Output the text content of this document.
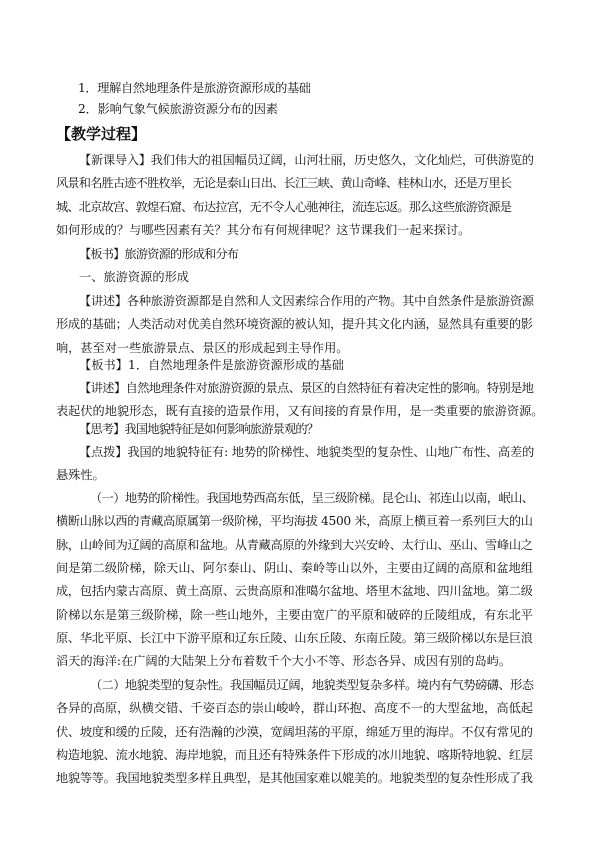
1．理解自然地理条件是旅游资源形成的基础
2．影响气象气候旅游资源分布的因素
【教学过程】
【新课导入】我们伟大的祖国幅员辽阔，山河壮丽，历史悠久，文化灿烂，可供游览的
风景和名胜古迹不胜枚举，无论是泰山日出、长江三峡、黄山奇峰、桂林山水，还是万里长
城、北京故宫、敦煌石窟、布达拉宫，无不令人心驰神往，流连忘返。那么这些旅游资源是
如何形成的？与哪些因素有关？其分布有何规律呢？这节课我们一起来探讨。
【板书】旅游资源的形成和分布
一、旅游资源的形成
【讲述】各种旅游资源都是自然和人文因素综合作用的产物。其中自然条件是旅游资源
形成的基础；人类活动对优美自然环境资源的被认知，提升其文化内涵，显然具有重要的影
响，甚至对一些旅游景点、景区的形成起到主导作用。
【板书】1．自然地理条件是旅游资源形成的基础
【讲述】自然地理条件对旅游资源的景点、景区的自然特征有着决定性的影响。特别是地
表起伏的地貌形态，既有直接的造景作用，又有间接的育景作用，是一类重要的旅游资源。
【思考】我国地貌特征是如何影响旅游景观的？
【点拨】我国的地貌特征有: 地势的阶梯性、地貌类型的复杂性、山地广布性、高差的
悬殊性。
（一）地势的阶梯性。我国地势西高东低，呈三级阶梯。昆仑山、祁连山以南，岷山、
横断山脉以西的青藏高原属第一级阶梯，平均海拔 4500 米，高原上横亘着一系列巨大的山
脉，山岭间为辽阔的高原和盆地。从青藏高原的外缘到大兴安岭、太行山、巫山、雪峰山之
间是第二级阶梯，除天山、阿尔泰山、阴山、秦岭等山以外，主要由辽阔的高原和盆地组
成，包括内蒙古高原、黄土高原、云贵高原和准噶尔盆地、塔里木盆地、四川盆地。第二级
阶梯以东是第三级阶梯，除一些山地外，主要由宽广的平原和破碎的丘陵组成，有东北平
原、华北平原、长江中下游平原和辽东丘陵、山东丘陵、东南丘陵。第三级阶梯以东是巨浪
滔天的海洋:在广阔的大陆架上分布着数千个大小不等、形态各异、成因有别的岛屿。
（二）地貌类型的复杂性。我国幅员辽阔，地貌类型复杂多样。境内有气势磅礴、形态
各异的高原，纵横交错、千姿百态的崇山峻岭，群山环抱、高度不一的大型盆地，高低起
伏、坡度和缓的丘陵，还有浩瀚的沙漠，宽阔坦荡的平原，绵延万里的海岸。不仅有常见的
构造地貌、流水地貌、海岸地貌，而且还有特殊条件下形成的冰川地貌、喀斯特地貌、红层
地貌等等。我国地貌类型多样且典型，是其他国家难以媲美的。地貌类型的复杂性形成了我
